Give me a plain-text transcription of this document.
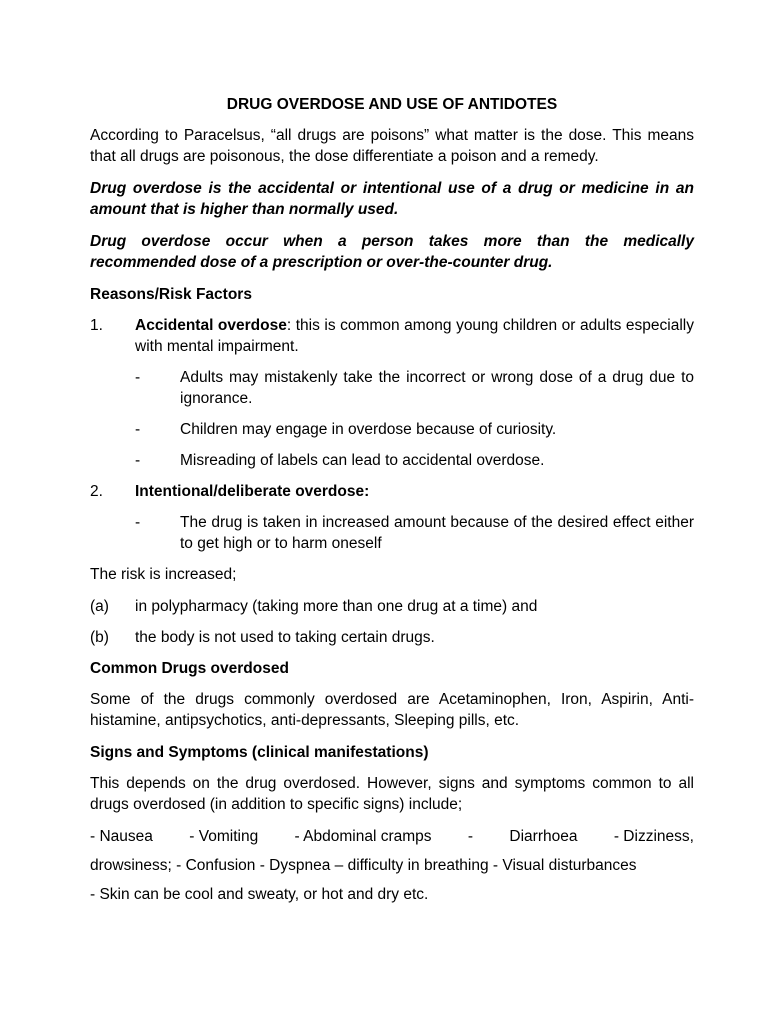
DRUG OVERDOSE AND USE OF ANTIDOTES

According to Paracelsus, “all drugs are poisons” what matter is the dose. This means that all drugs are poisonous, the dose differentiate a poison and a remedy.

Drug overdose is the accidental or intentional use of a drug or medicine in an amount that is higher than normally used.

Drug overdose occur when a person takes more than the medically recommended dose of a prescription or over-the-counter drug.

Reasons/Risk Factors
1.	Accidental overdose: this is common among young children or adults especially with mental impairment.
-	Adults may mistakenly take the incorrect or wrong dose of a drug due to ignorance.
-	Children may engage in overdose because of curiosity.
-	Misreading of labels can lead to accidental overdose.
2.	Intentional/deliberate overdose:
-	The drug is taken in increased amount because of the desired effect either to get high or to harm oneself

The risk is increased;

(a)	in polypharmacy (taking more than one drug at a time) and
(b)	the body is not used to taking certain drugs.
Common Drugs overdosed

Some of the drugs commonly overdosed are Acetaminophen, Iron, Aspirin, Anti-histamine, antipsychotics, anti-depressants, Sleeping pills, etc.

Signs and Symptoms (clinical manifestations)

This depends on the drug overdosed. However, signs and symptoms common to all drugs overdosed (in addition to specific signs) include;

- Nausea - Vomiting - Abdominal cramps - Diarrhoea - Dizziness,
drowsiness; - Confusion - Dyspnea – difficulty in breathing - Visual disturbances
- Skin can be cool and sweaty, or hot and dry etc.
